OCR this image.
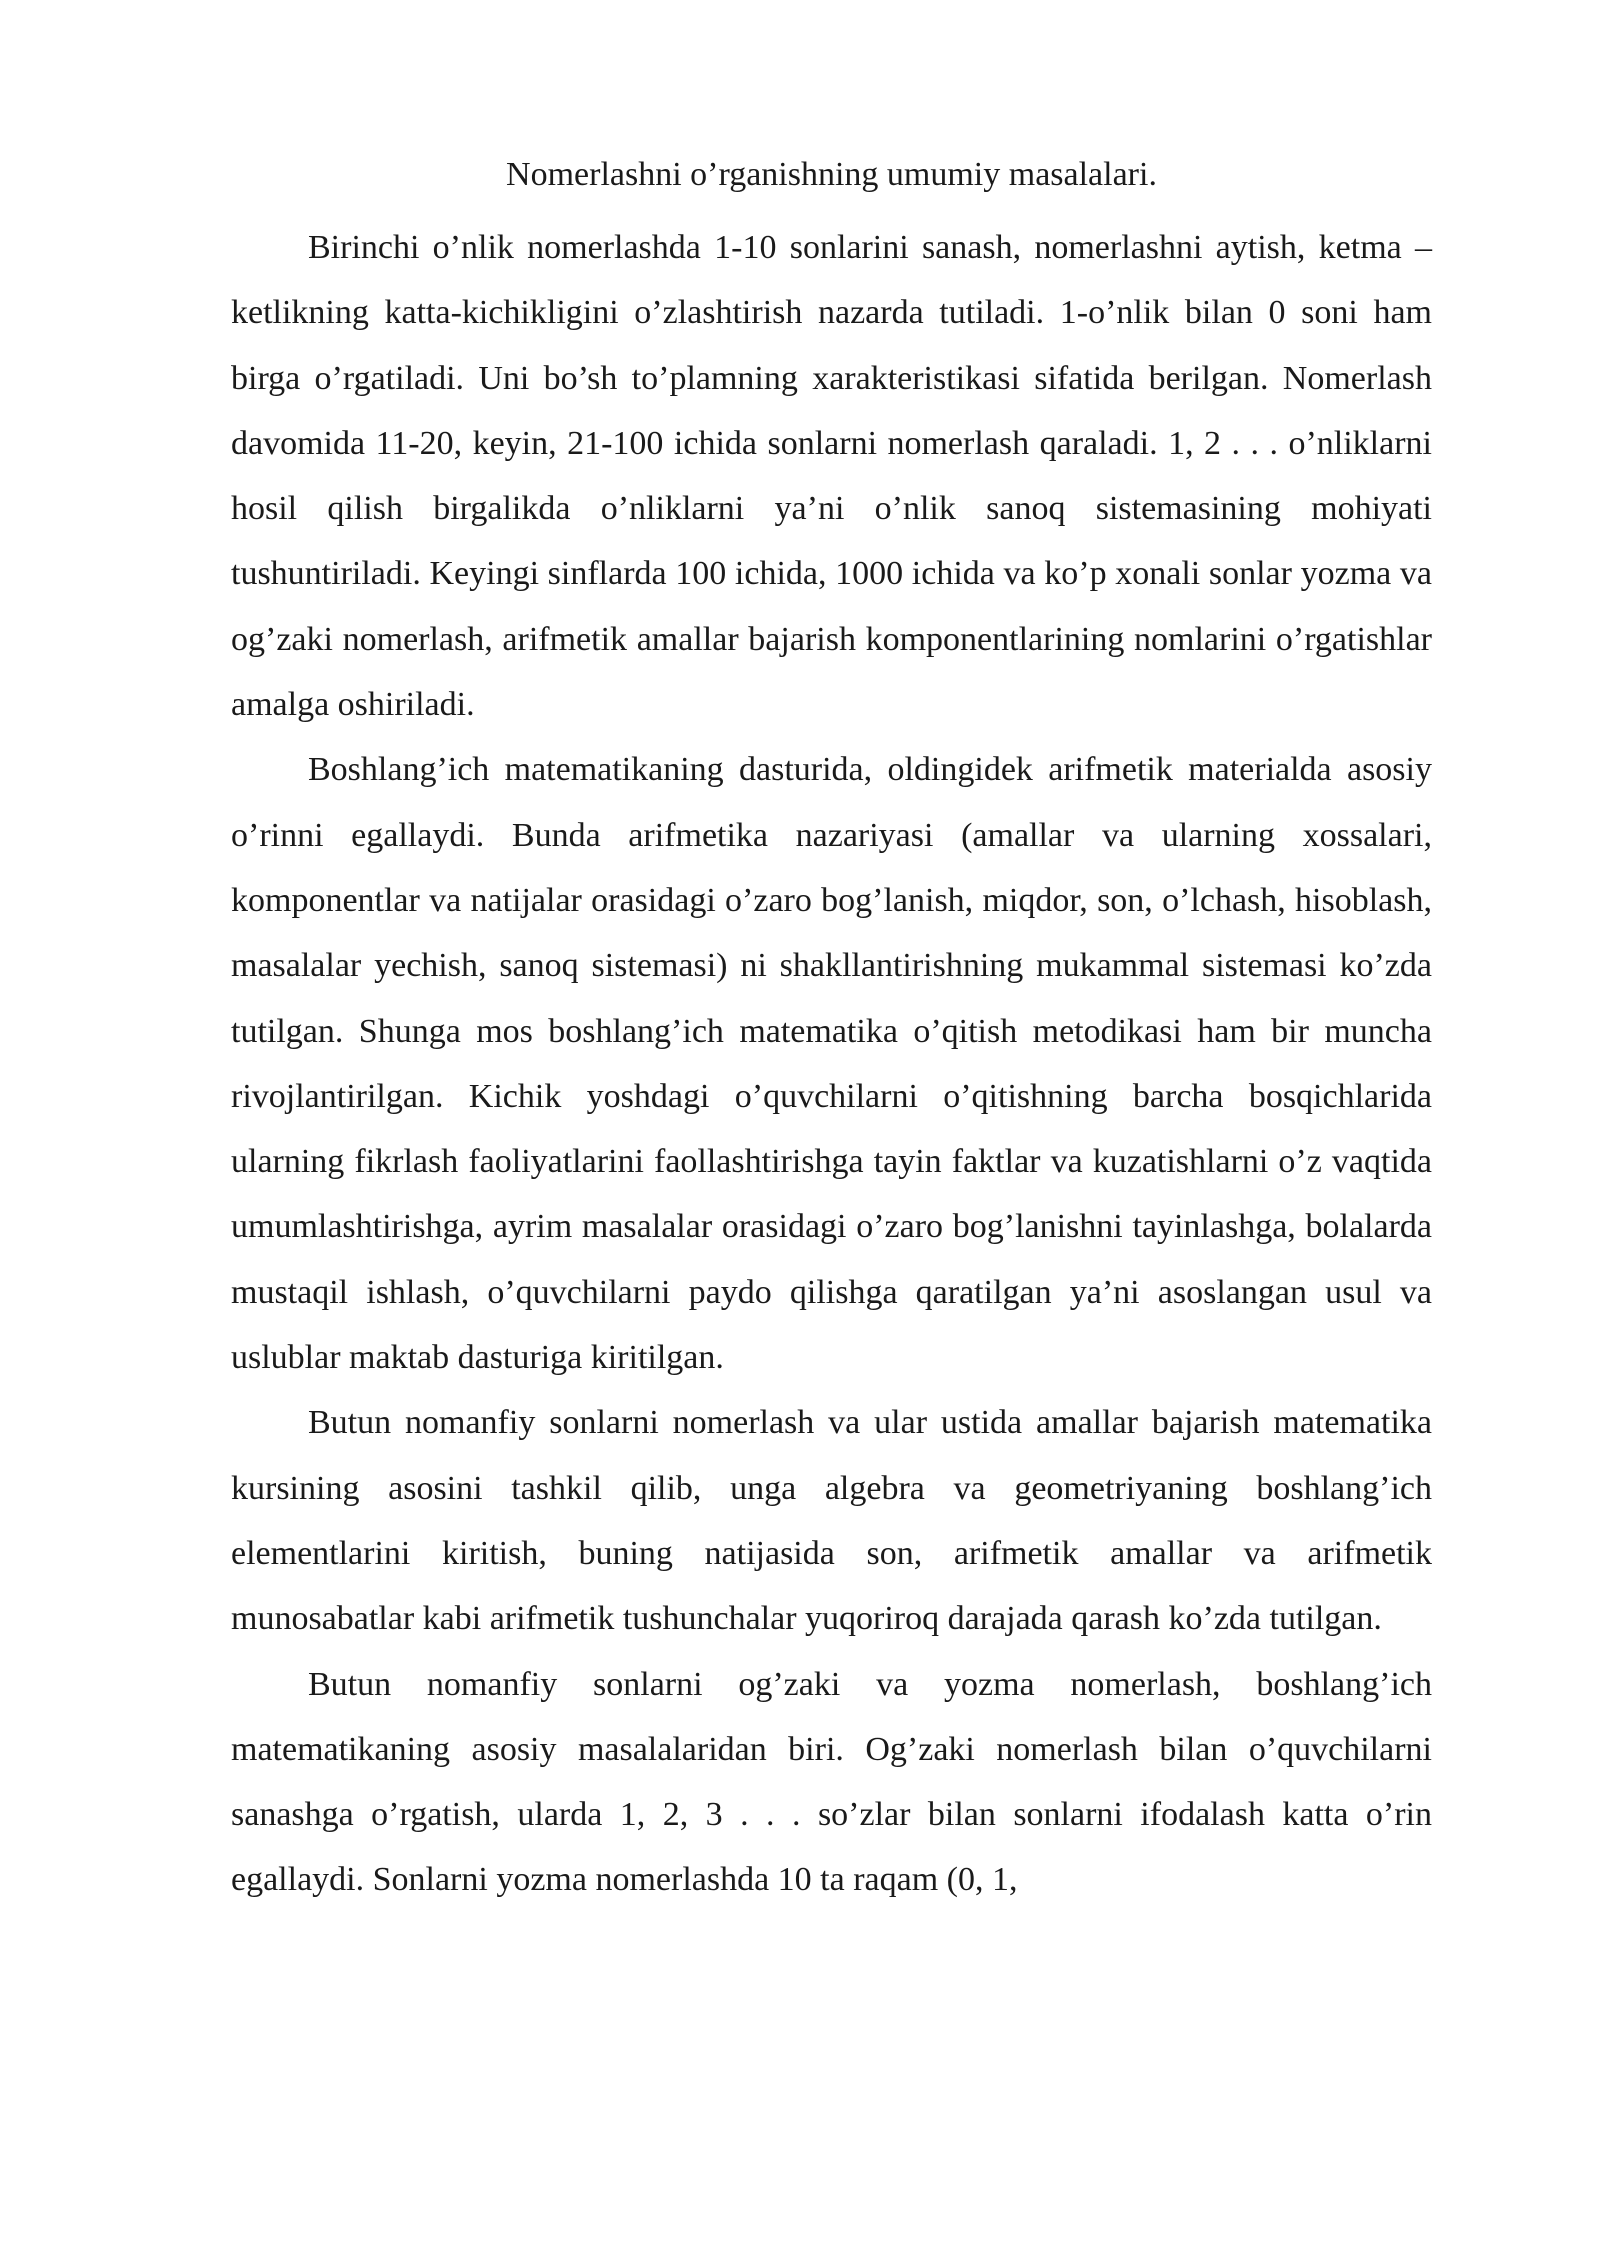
Nomerlashni o’rganishning umumiy masalalari.

Birinchi o’nlik nomerlashda 1-10 sonlarini sanash, nomerlashni aytish, ketma – ketlikning katta-kichikligini o’zlashtirish nazarda tutiladi. 1-o’nlik bilan 0 soni ham birga o’rgatiladi. Uni bo’sh to’plamning xarakteristikasi sifatida berilgan. Nomerlash davomida 11-20, keyin, 21-100 ichida sonlarni nomerlash qaraladi. 1, 2 . . . o’nliklarni hosil qilish birgalikda o’nliklarni ya’ni o’nlik sanoq sistemasining mohiyati tushuntiriladi. Keyingi sinflarda 100 ichida, 1000 ichida va ko’p xonali sonlar yozma va og’zaki nomerlash, arifmetik amallar bajarish komponentlarining nomlarini o’rgatishlar amalga oshiriladi.

Boshlang’ich matematikaning dasturida, oldingidek arifmetik materialda asosiy o’rinni egallaydi. Bunda arifmetika nazariyasi (amallar va ularning xossalari, komponentlar va natijalar orasidagi o’zaro bog’lanish, miqdor, son, o’lchash, hisoblash, masalalar yechish, sanoq sistemasi) ni shakllantirishning mukammal sistemasi ko’zda tutilgan. Shunga mos boshlang’ich matematika o’qitish metodikasi ham bir muncha rivojlantirilgan. Kichik yoshdagi o’quvchilarni o’qitishning barcha bosqichlarida ularning fikrlash faoliyatlarini faollashtirishga tayin faktlar va kuzatishlarni o’z vaqtida umumlashtirishga, ayrim masalalar orasidagi o’zaro bog’lanishni tayinlashga, bolalarda mustaqil ishlash, o’quvchilarni paydo qilishga qaratilgan ya’ni asoslangan usul va uslublar maktab dasturiga kiritilgan.

Butun nomanfiy sonlarni nomerlash va ular ustida amallar bajarish matematika kursining asosini tashkil qilib, unga algebra va geometriyaning boshlang’ich elementlarini kiritish, buning natijasida son, arifmetik amallar va arifmetik munosabatlar kabi arifmetik tushunchalar yuqoriroq darajada qarash ko’zda tutilgan.

Butun nomanfiy sonlarni og’zaki va yozma nomerlash, boshlang’ich matematikaning asosiy masalalaridan biri. Og’zaki nomerlash bilan o’quvchilarni sanashga o’rgatish, ularda 1, 2, 3 . . . so’zlar bilan sonlarni ifodalash katta o’rin egallaydi. Sonlarni yozma nomerlashda 10 ta raqam (0, 1,
